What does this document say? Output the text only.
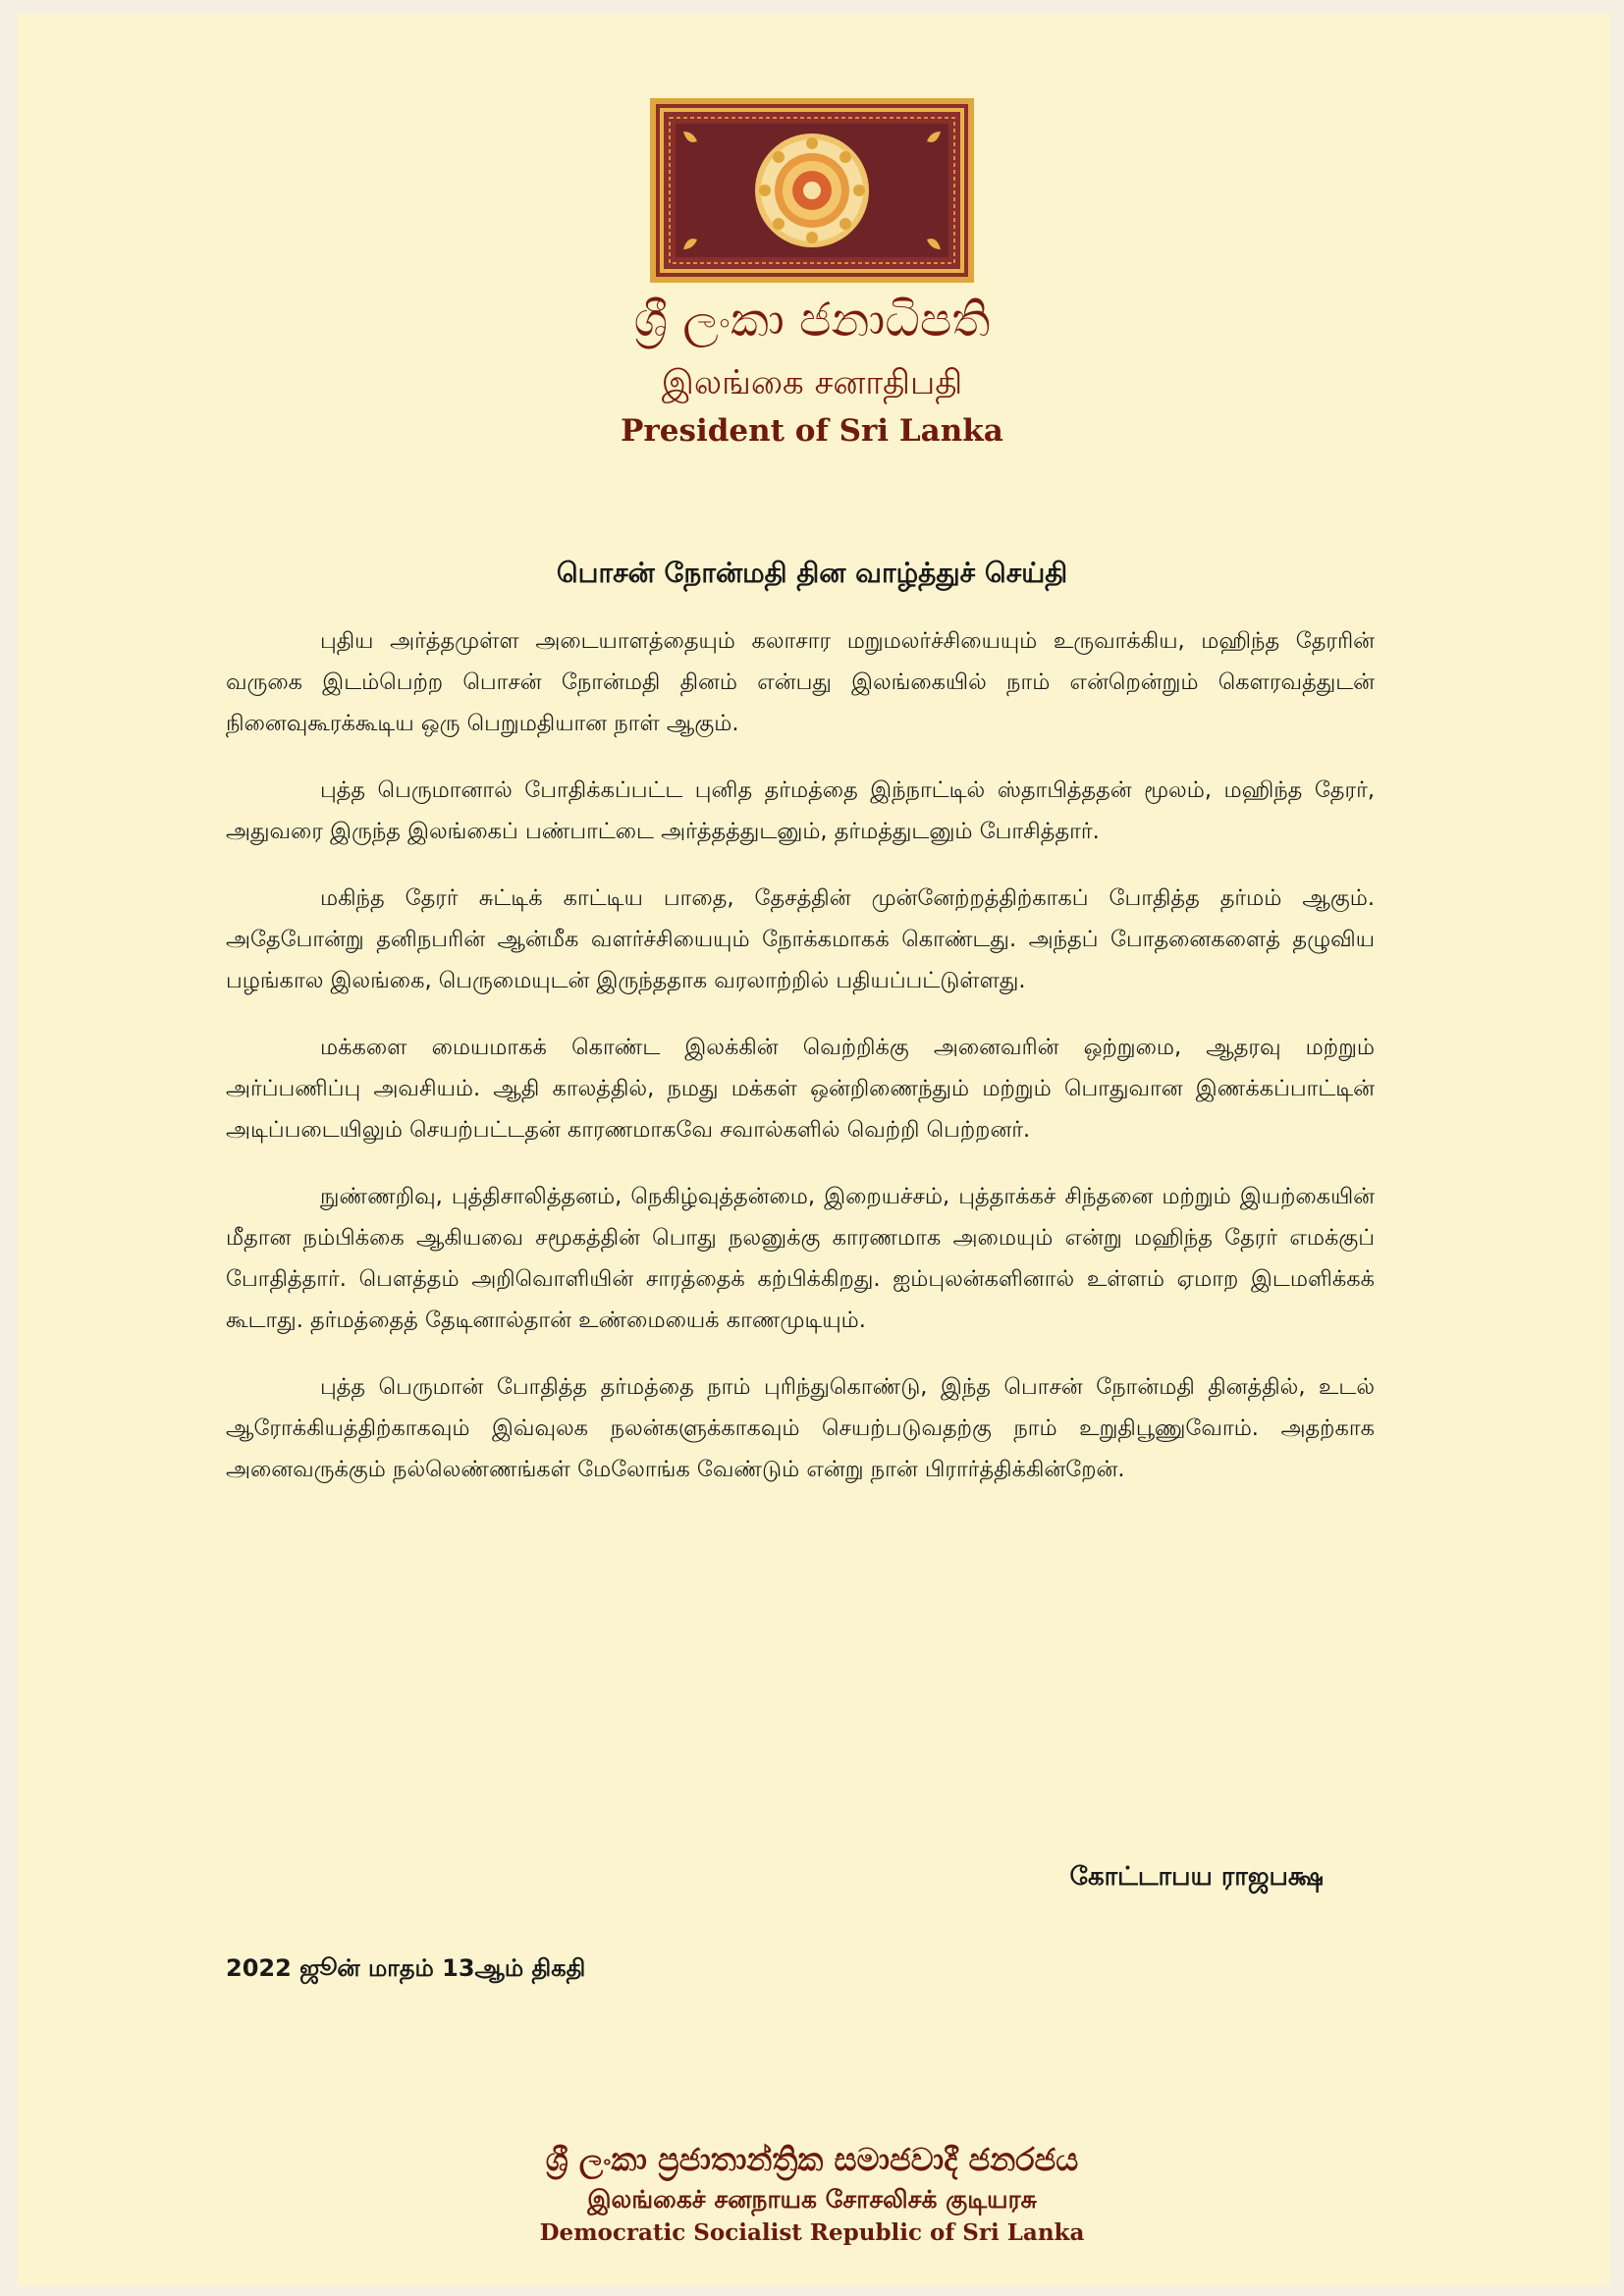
ශ්‍රී ලංකා ජනාධිපති
இலங்கை சனாதிபதி
President of Sri Lanka
பொசன் நோன்மதி தின வாழ்த்துச் செய்தி

புதிய அர்த்தமுள்ள அடையாளத்தையும் கலாசார மறுமலர்ச்சியையும் உருவாக்கிய, மஹிந்த தேரரின் வருகை இடம்பெற்ற பொசன் நோன்மதி தினம் என்பது இலங்கையில் நாம் என்றென்றும் கௌரவத்துடன் நினைவுகூரக்கூடிய ஒரு பெறுமதியான நாள் ஆகும்.

புத்த பெருமானால் போதிக்கப்பட்ட புனித தர்மத்தை இந்நாட்டில் ஸ்தாபித்ததன் மூலம், மஹிந்த தேரர், அதுவரை இருந்த இலங்கைப் பண்பாட்டை அர்த்தத்துடனும், தர்மத்துடனும் போசித்தார்.

மகிந்த தேரர் சுட்டிக் காட்டிய பாதை, தேசத்தின் முன்னேற்றத்திற்காகப் போதித்த தர்மம் ஆகும். அதேபோன்று தனிநபரின் ஆன்மீக வளர்ச்சியையும் நோக்கமாகக் கொண்டது. அந்தப் போதனைகளைத் தழுவிய பழங்கால இலங்கை, பெருமையுடன் இருந்ததாக வரலாற்றில் பதியப்பட்டுள்ளது.

மக்களை மையமாகக் கொண்ட இலக்கின் வெற்றிக்கு அனைவரின் ஒற்றுமை, ஆதரவு மற்றும் அர்ப்பணிப்பு அவசியம். ஆதி காலத்தில், நமது மக்கள் ஒன்றிணைந்தும் மற்றும் பொதுவான இணக்கப்பாட்டின் அடிப்படையிலும் செயற்பட்டதன் காரணமாகவே சவால்களில் வெற்றி பெற்றனர்.

நுண்ணறிவு, புத்திசாலித்தனம், நெகிழ்வுத்தன்மை, இறையச்சம், புத்தாக்கச் சிந்தனை மற்றும் இயற்கையின் மீதான நம்பிக்கை ஆகியவை சமூகத்தின் பொது நலனுக்கு காரணமாக அமையும் என்று மஹிந்த தேரர் எமக்குப் போதித்தார். பௌத்தம் அறிவொளியின் சாரத்தைக் கற்பிக்கிறது. ஐம்புலன்களினால் உள்ளம் ஏமாற இடமளிக்கக் கூடாது. தர்மத்தைத் தேடினால்தான் உண்மையைக் காணமுடியும்.

புத்த பெருமான் போதித்த தர்மத்தை நாம் புரிந்துகொண்டு, இந்த பொசன் நோன்மதி தினத்தில், உடல் ஆரோக்கியத்திற்காகவும் இவ்வுலக நலன்களுக்காகவும் செயற்படுவதற்கு நாம் உறுதிபூணுவோம். அதற்காக அனைவருக்கும் நல்லெண்ணங்கள் மேலோங்க வேண்டும் என்று நான் பிரார்த்திக்கின்றேன்.

கோட்டாபய ராஜபக்ஷ
2022 ஜூன் மாதம் 13ஆம் திகதி
ශ්‍රී ලංකා ප්‍රජාතාන්ත්‍රික සමාජවාදී ජනරජය
இலங்கைச் சனநாயக சோசலிசக் குடியரசு
Democratic Socialist Republic of Sri Lanka
